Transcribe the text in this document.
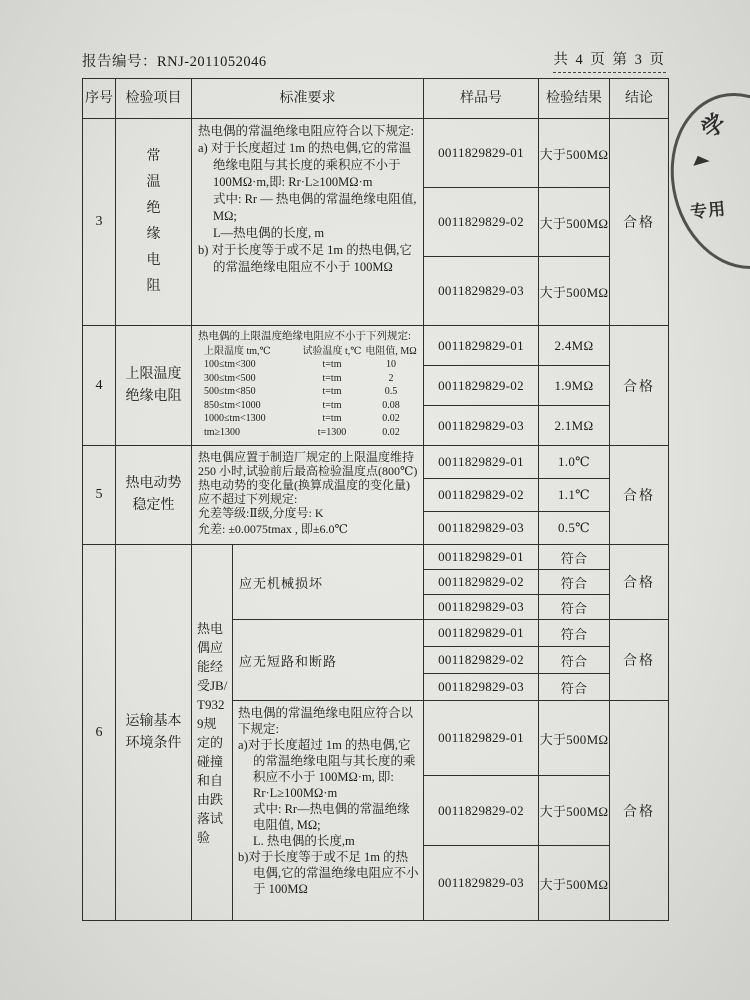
报告编号：RNJ-2011052046	共 4 页 第 3 页
序号	检验项目	标准要求		样品号	检验结果	结论
3	常温绝缘电阻	热电偶的常温绝缘电阻应符合以下规定:
a) 对于长度超过 1m 的热电偶,它的常温绝缘电阻与其长度的乘积应不小于 100MΩ·m,即: Rr·L≥100MΩ·m
式中: Rr — 热电偶的常温绝缘电阻值, MΩ;
L—热电偶的长度, m
b) 对于长度等于或不足 1m 的热电偶,它的常温绝缘电阻应不小于 100MΩ		0011829829-01	大于500MΩ	合格
				0011829829-02	大于500MΩ	
				0011829829-03	大于500MΩ	
4	上限温度绝缘电阻	
热电偶的上限温度绝缘电阻应不小于下列规定:
上限温度 tm,℃	试验温度 t,℃ 电阻值, MΩ
100≤tm<300	t=tm	10
300≤tm<500	t=tm	2
500≤tm<850	t=tm	0.5
850≤tm<1000	t=tm	0.08
1000≤tm<1300	t=tm	0.02
tm≥1300	t=1300	0.02
	0011829829-01	2.4MΩ	合格
				0011829829-02	1.9MΩ	
				0011829829-03	2.1MΩ	
5	热电动势稳定性	热电偶应置于制造厂规定的上限温度维持 250 小时,试验前后最高检验温度点(800℃)热电动势的变化量(换算成温度的变化量)应不超过下列规定:
允差等级:Ⅱ级,分度号: K
允差: ±0.0075tmax , 即±6.0℃		0011829829-01	1.0℃	合格
				0011829829-02	1.1℃	
				0011829829-03	0.5℃	
6	运输基本环境条件	热电偶应能经受JB/T9329规定的碰撞和自由跌落试验	应无机械损坏	0011829829-01	符合	合格
				0011829829-02	符合	
				0011829829-03	符合	
			应无短路和断路	0011829829-01	符合	合格
				0011829829-02	符合	
				0011829829-03	符合	

			热电偶的常温绝缘电阻应符合以下规定:
a)对于长度超过 1m 的热电偶,它的常温绝缘电阻与其长度的乘积应不小于 100MΩ·m, 即: Rr·L≥100MΩ·m
式中: Rr—热电偶的常温绝缘电阻值, MΩ;
L. 热电偶的长度,m
b)对于长度等于或不足 1m 的热电偶,它的常温绝缘电阻应不小于 100MΩ	0011829829-01	大于500MΩ	合格
				0011829829-02	大于500MΩ	
				0011829829-03	大于500MΩ	
学
专用
